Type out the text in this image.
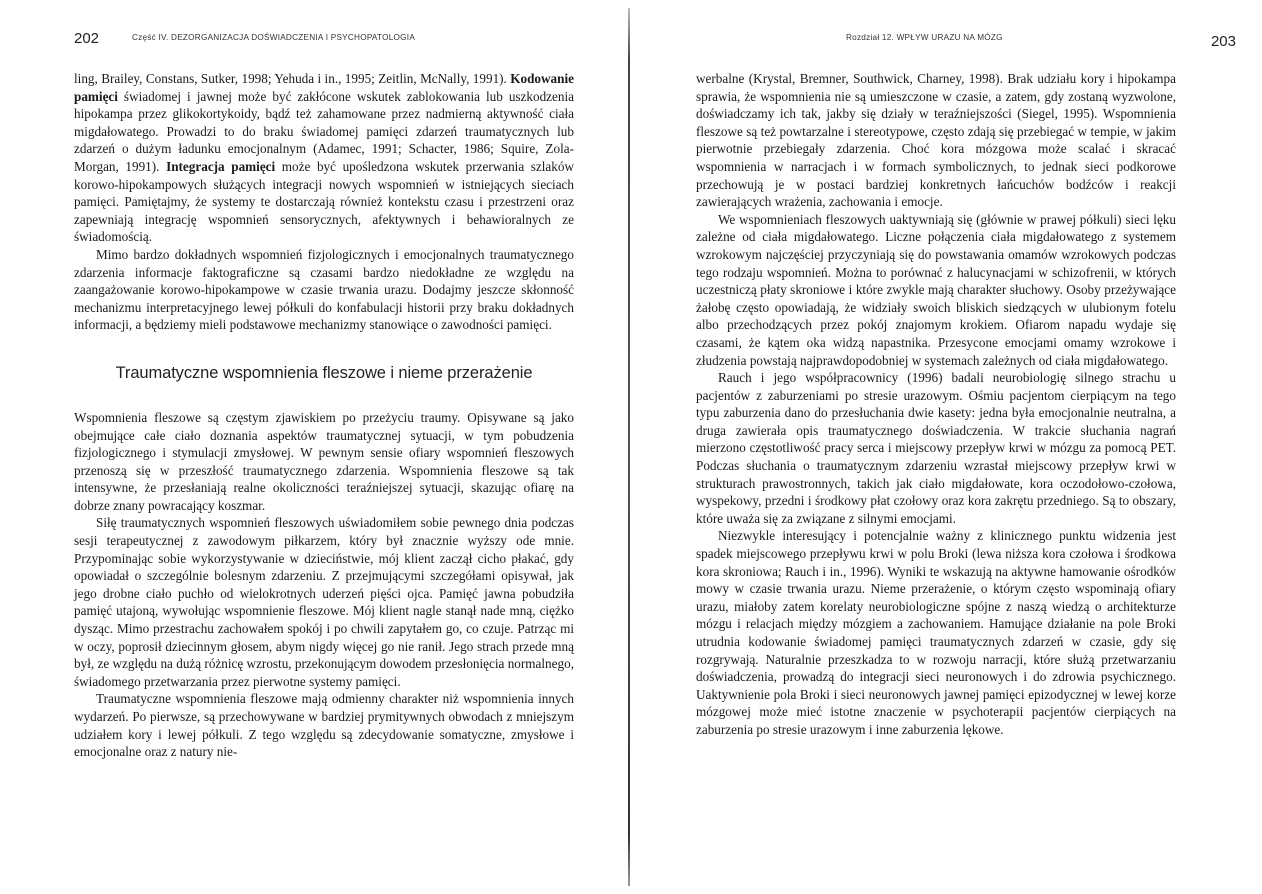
202	Część IV. DEZORGANIZACJA DOŚWIADCZENIA I PSYCHOPATOLOGIA

ling, Brailey, Constans, Sutker, 1998; Yehuda i in., 1995; Zeitlin, McNally, 1991). Kodowanie pamięci świadomej i jawnej może być zakłócone wskutek zablokowania lub uszkodzenia hipokampa przez glikokortykoidy, bądź też zahamowane przez nadmierną aktywność ciała migdałowatego. Prowadzi to do braku świadomej pamięci zdarzeń traumatycznych lub zdarzeń o dużym ładunku emocjonalnym (Adamec, 1991; Schacter, 1986; Squire, Zola-Morgan, 1991). Integracja pamięci może być upośledzona wskutek przerwania szlaków korowo-hipokampowych służących integracji nowych wspomnień w istniejących sieciach pamięci. Pamiętajmy, że systemy te dostarczają również kontekstu czasu i przestrzeni oraz zapewniają integrację wspomnień sensorycznych, afektywnych i behawioralnych ze świadomością.

Mimo bardzo dokładnych wspomnień fizjologicznych i emocjonalnych traumatycznego zdarzenia informacje faktograficzne są czasami bardzo niedokładne ze względu na zaangażowanie korowo-hipokampowe w czasie trwania urazu. Dodajmy jeszcze skłonność mechanizmu interpretacyjnego lewej półkuli do konfabulacji historii przy braku dokładnych informacji, a będziemy mieli podstawowe mechanizmy stanowiące o zawodności pamięci.

Traumatyczne wspomnienia fleszowe i nieme przerażenie

Wspomnienia fleszowe są częstym zjawiskiem po przeżyciu traumy. Opisywane są jako obejmujące całe ciało doznania aspektów traumatycznej sytuacji, w tym pobudzenia fizjologicznego i stymulacji zmysłowej. W pewnym sensie ofiary wspomnień fleszowych przenoszą się w przeszłość traumatycznego zdarzenia. Wspomnienia fleszowe są tak intensywne, że przesłaniają realne okoliczności teraźniejszej sytuacji, skazując ofiarę na dobrze znany powracający koszmar.

Siłę traumatycznych wspomnień fleszowych uświadomiłem sobie pewnego dnia podczas sesji terapeutycznej z zawodowym piłkarzem, który był znacznie wyższy ode mnie. Przypominając sobie wykorzystywanie w dzieciństwie, mój klient zaczął cicho płakać, gdy opowiadał o szczególnie bolesnym zdarzeniu. Z przejmującymi szczegółami opisywał, jak jego drobne ciało puchło od wielokrotnych uderzeń pięści ojca. Pamięć jawna pobudziła pamięć utajoną, wywołując wspomnienie fleszowe. Mój klient nagle stanął nade mną, ciężko dysząc. Mimo przestrachu zachowałem spokój i po chwili zapytałem go, co czuje. Patrząc mi w oczy, poprosił dziecinnym głosem, abym nigdy więcej go nie ranił. Jego strach przede mną był, ze względu na dużą różnicę wzrostu, przekonującym dowodem przesłonięcia normalnego, świadomego przetwarzania przez pierwotne systemy pamięci.

Traumatyczne wspomnienia fleszowe mają odmienny charakter niż wspomnienia innych wydarzeń. Po pierwsze, są przechowywane w bardziej prymitywnych obwodach z mniejszym udziałem kory i lewej półkuli. Z tego względu są zdecydowanie somatyczne, zmysłowe i emocjonalne oraz z natury nie-

Rozdział 12. WPŁYW URAZU NA MÓZG	203

werbalne (Krystal, Bremner, Southwick, Charney, 1998). Brak udziału kory i hipokampa sprawia, że wspomnienia nie są umieszczone w czasie, a zatem, gdy zostaną wyzwolone, doświadczamy ich tak, jakby się działy w teraźniejszości (Siegel, 1995). Wspomnienia fleszowe są też powtarzalne i stereotypowe, często zdają się przebiegać w tempie, w jakim pierwotnie przebiegały zdarzenia. Choć kora mózgowa może scalać i skracać wspomnienia w narracjach i w formach symbolicznych, to jednak sieci podkorowe przechowują je w postaci bardziej konkretnych łańcuchów bodźców i reakcji zawierających wrażenia, zachowania i emocje.

We wspomnieniach fleszowych uaktywniają się (głównie w prawej półkuli) sieci lęku zależne od ciała migdałowatego. Liczne połączenia ciała migdałowatego z systemem wzrokowym najczęściej przyczyniają się do powstawania omamów wzrokowych podczas tego rodzaju wspomnień. Można to porównać z halucynacjami w schizofrenii, w których uczestniczą płaty skroniowe i które zwykle mają charakter słuchowy. Osoby przeżywające żałobę często opowiadają, że widziały swoich bliskich siedzących w ulubionym fotelu albo przechodzących przez pokój znajomym krokiem. Ofiarom napadu wydaje się czasami, że kątem oka widzą napastnika. Przesycone emocjami omamy wzrokowe i złudzenia powstają najprawdopodobniej w systemach zależnych od ciała migdałowatego.

Rauch i jego współpracownicy (1996) badali neurobiologię silnego strachu u pacjentów z zaburzeniami po stresie urazowym. Ośmiu pacjentom cierpiącym na tego typu zaburzenia dano do przesłuchania dwie kasety: jedna była emocjonalnie neutralna, a druga zawierała opis traumatycznego doświadczenia. W trakcie słuchania nagrań mierzono częstotliwość pracy serca i miejscowy przepływ krwi w mózgu za pomocą PET. Podczas słuchania o traumatycznym zdarzeniu wzrastał miejscowy przepływ krwi w strukturach prawostronnych, takich jak ciało migdałowate, kora oczodołowo-czołowa, wyspekowy, przedni i środkowy płat czołowy oraz kora zakrętu przedniego. Są to obszary, które uważa się za związane z silnymi emocjami.

Niezwykle interesujący i potencjalnie ważny z klinicznego punktu widzenia jest spadek miejscowego przepływu krwi w polu Broki (lewa niższa kora czołowa i środkowa kora skroniowa; Rauch i in., 1996). Wyniki te wskazują na aktywne hamowanie ośrodków mowy w czasie trwania urazu. Nieme przerażenie, o którym często wspominają ofiary urazu, miałoby zatem korelaty neurobiologiczne spójne z naszą wiedzą o architekturze mózgu i relacjach między mózgiem a zachowaniem. Hamujące działanie na pole Broki utrudnia kodowanie świadomej pamięci traumatycznych zdarzeń w czasie, gdy się rozgrywają. Naturalnie przeszkadza to w rozwoju narracji, które służą przetwarzaniu doświadczenia, prowadzą do integracji sieci neuronowych i do zdrowia psychicznego. Uaktywnienie pola Broki i sieci neuronowych jawnej pamięci epizodycznej w lewej korze mózgowej może mieć istotne znaczenie w psychoterapii pacjentów cierpiących na zaburzenia po stresie urazowym i inne zaburzenia lękowe.
